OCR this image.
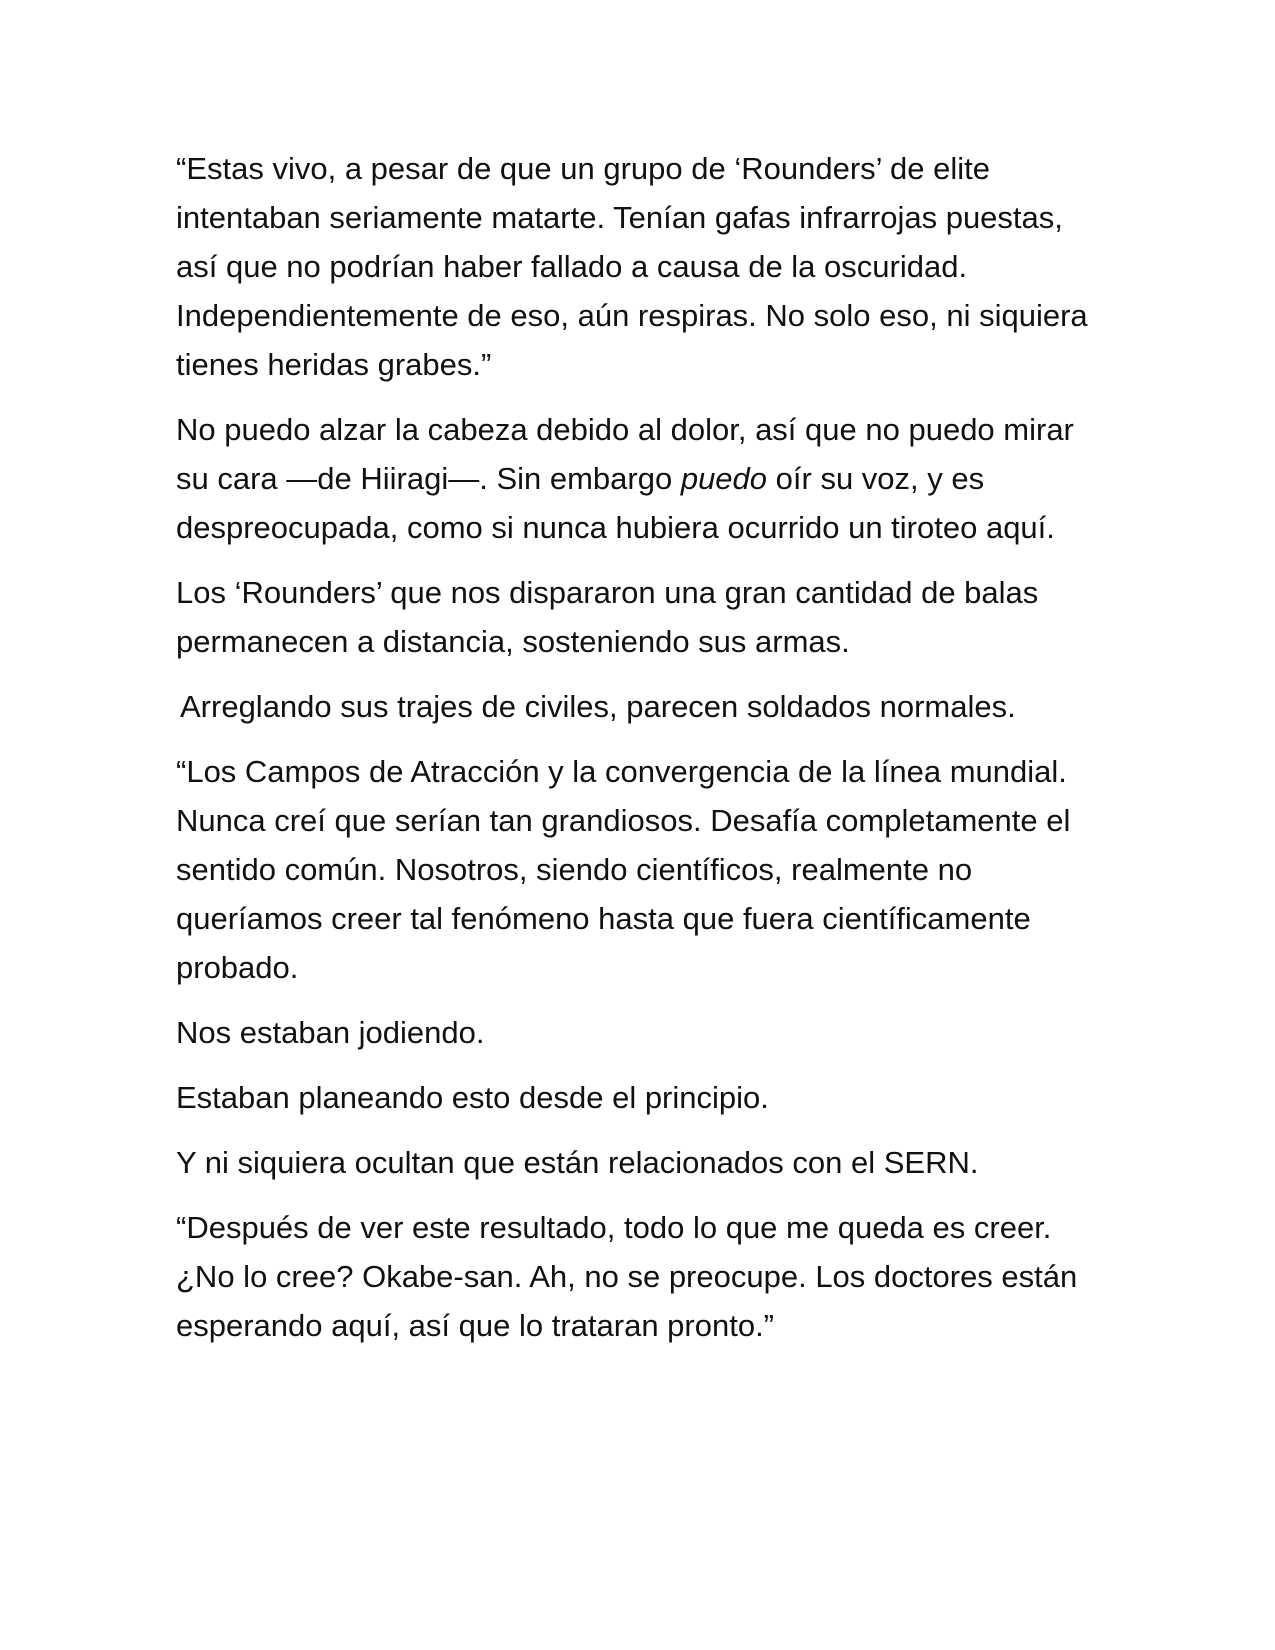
“Estas vivo, a pesar de que un grupo de ‘Rounders’ de elite intentaban seriamente matarte. Tenían gafas infrarrojas puestas, así que no podrían haber fallado a causa de la oscuridad. Independientemente de eso, aún respiras. No solo eso, ni siquiera tienes heridas grabes.”

No puedo alzar la cabeza debido al dolor, así que no puedo mirar su cara —de Hiiragi—. Sin embargo puedo oír su voz, y es despreocupada, como si nunca hubiera ocurrido un tiroteo aquí.

Los ‘Rounders’ que nos dispararon una gran cantidad de balas permanecen a distancia, sosteniendo sus armas.

Arreglando sus trajes de civiles, parecen soldados normales.

“Los Campos de Atracción y la convergencia de la línea mundial. Nunca creí que serían tan grandiosos. Desafía completamente el sentido común. Nosotros, siendo científicos, realmente no queríamos creer tal fenómeno hasta que fuera científicamente probado.

Nos estaban jodiendo.

Estaban planeando esto desde el principio.

Y ni siquiera ocultan que están relacionados con el SERN.

“Después de ver este resultado, todo lo que me queda es creer. ¿No lo cree? Okabe-san. Ah, no se preocupe. Los doctores están esperando aquí, así que lo trataran pronto.”
